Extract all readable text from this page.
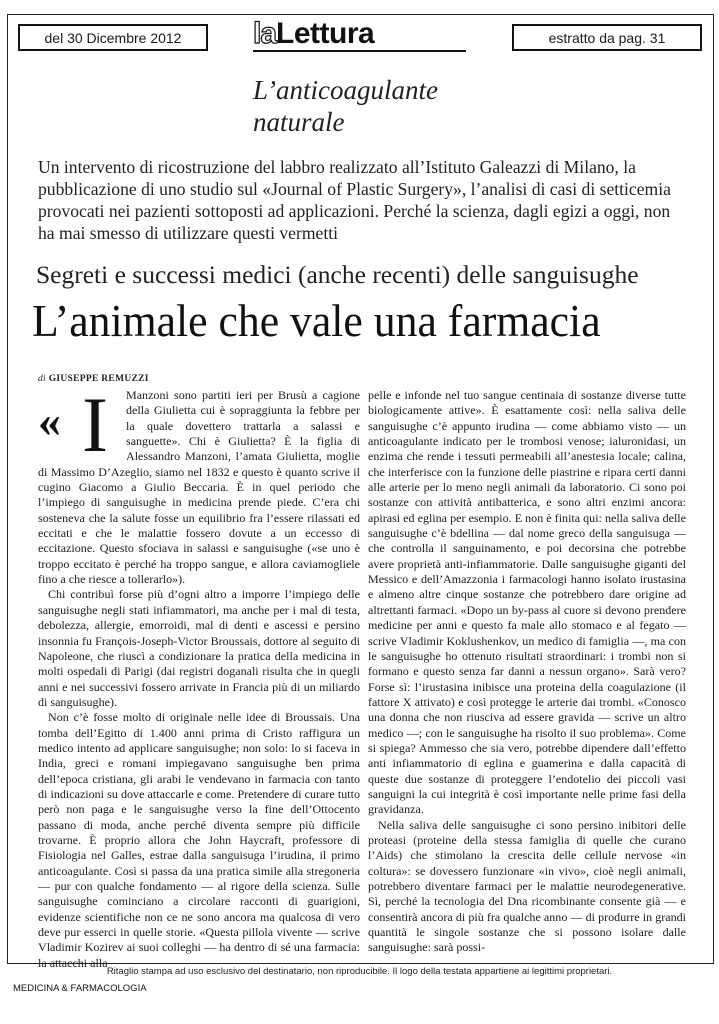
del 30 Dicembre 2012 la Lettura	estratto da pag. 31
L’anticoagulante
naturale
Un intervento di ricostruzione del labbro realizzato all’Istituto Galeazzi di Milano, la pubblicazione di uno studio sul «Journal of Plastic Surgery», l’analisi di casi di setticemia provocati nei pazienti sottoposti ad applicazioni. Perché la scienza, dagli egizi a oggi, non ha mai smesso di utilizzare questi vermetti
Segreti e successi medici (anche recenti) delle sanguisughe
L’animale che vale una farmacia
di GIUSEPPE REMUZZI
« I	Manzoni sono partiti ieri per Brusù a cagione della Giulietta cui è sopraggiunta la febbre per la quale dovettero trattarla a salassi e sanguette». Chi è Giulietta? È la figlia di Alessandro Manzoni, l’amata Giulietta, moglie di Massimo D’Azeglio, siamo nel 1832 e questo è quanto scrive il cugino Giacomo a Giulio Beccaria. È in quel periodo che l’impiego di sanguisughe in medicina prende piede. C’era chi sosteneva che la salute fosse un equilibrio fra l’essere rilassati ed eccitati e che le malattie fossero dovute a un eccesso di eccitazione. Questo sfociava in salassi e sanguisughe («se uno è troppo eccitato è perché ha troppo sangue, e allora caviamogliele fino a che riesce a tollerarlo»).

Chi contribuì forse più d’ogni altro a imporre l’impiego delle sanguisughe negli stati infiammatori, ma anche per i mal di testa, debolezza, allergie, emorroidi, mal di denti e ascessi e persino insonnia fu François-Joseph-Victor Broussais, dottore al seguito di Napoleone, che riuscì a condizionare la pratica della medicina in molti ospedali di Parigi (dai registri doganali risulta che in quegli anni e nei successivi fossero arrivate in Francia più di un miliardo di sanguisughe).

Non c’è fosse molto di originale nelle idee di Broussais. Una tomba dell’Egitto di 1.400 anni prima di Cristo raffigura un medico intento ad applicare sanguisughe; non solo: lo si faceva in India, greci e romani impiegavano sanguisughe ben prima dell’epoca cristiana, gli arabi le vendevano in farmacia con tanto di indicazioni su dove attaccarle e come. Pretendere di curare tutto però non paga e le sanguisughe verso la fine dell’Ottocento passano di moda, anche perché diventa sempre più difficile trovarne. È proprio allora che John Haycraft, professore di Fisiologia nel Galles, estrae dalla sanguisuga l’irudina, il primo anticoagulante. Così si passa da una pratica simile alla stregoneria — pur con qualche fondamento — al rigore della scienza. Sulle sanguisughe cominciano a circolare racconti di guarigioni, evidenze scientifiche non ce ne sono ancora ma qualcosa di vero deve pur esserci in quelle storie. «Questa pillola vivente — scrive Vladimir Kozirev ai suoi colleghi — ha dentro di sé una farmacia: la attacchi alla

pelle e infonde nel tuo sangue centinaia di sostanze diverse tutte biologicamente attive». È esattamente così: nella saliva delle sanguisughe c’è appunto irudina — come abbiamo visto — un anticoagulante indicato per le trombosi venose; ialuronidasi, un enzima che rende i tessuti permeabili all’anestesia locale; calina, che interferisce con la funzione delle piastrine e ripara certi danni alle arterie per lo meno negli animali da laboratorio. Ci sono poi sostanze con attività antibatterica, e sono altri enzimi ancora: apirasi ed eglina per esempio. E non è finita qui: nella saliva delle sanguisughe c’è bdellina — dal nome greco della sanguisuga — che controlla il sanguinamento, e poi decorsina che potrebbe avere proprietà anti-infiammatorie. Dalle sanguisughe giganti del Messico e dell’Amazzonia i farmacologi hanno isolato irustasina e almeno altre cinque sostanze che potrebbero dare origine ad altrettanti farmaci. «Dopo un by-pass al cuore si devono prendere medicine per anni e questo fa male allo stomaco e al fegato — scrive Vladimir Koklushenkov, un medico di famiglia —, ma con le sanguisughe ho ottenuto risultati straordinari: i trombi non si formano e questo senza far danni a nessun organo». Sarà vero? Forse sì: l’irustasina inibisce una proteina della coagulazione (il fattore X attivato) e così protegge le arterie dai trombi. «Conosco una donna che non riusciva ad essere gravida — scrive un altro medico —; con le sanguisughe ha risolto il suo problema». Come si spiega? Ammesso che sia vero, potrebbe dipendere dall’effetto anti infiammatorio di eglina e guamerina e dalla capacità di queste due sostanze di proteggere l’endotelio dei piccoli vasi sanguigni la cui integrità è così importante nelle prime fasi della gravidanza.

Nella saliva delle sanguisughe ci sono persino inibitori delle proteasi (proteine della stessa famiglia di quelle che curano l’Aids) che stimolano la crescita delle cellule nervose «in coltura»: se dovessero funzionare «in vivo», cioè negli animali, potrebbero diventare farmaci per le malattie neurodegenerative. Sì, perché la tecnologia del Dna ricombinante consente già — e consentirà ancora di più fra qualche anno — di produrre in grandi quantità le singole sostanze che si possono isolare dalle sanguisughe: sarà possi-

Ritaglio stampa ad uso esclusivo del destinatario, non riproducibile. Il logo della testata appartiene ai legittimi proprietari.
MEDICINA & FARMACOLOGIA
